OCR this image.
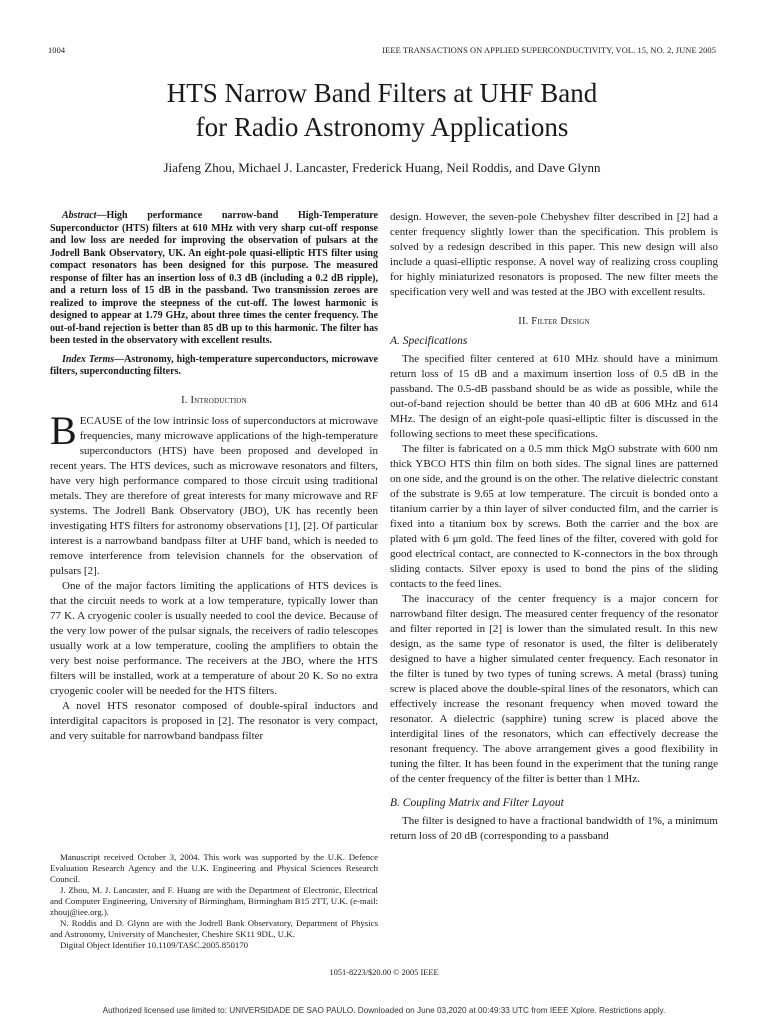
1004	IEEE TRANSACTIONS ON APPLIED SUPERCONDUCTIVITY, VOL. 15, NO. 2, JUNE 2005
HTS Narrow Band Filters at UHF Band
for Radio Astronomy Applications
Jiafeng Zhou, Michael J. Lancaster, Frederick Huang, Neil Roddis, and Dave Glynn

Abstract—High performance narrow-band High-Temperature Superconductor (HTS) filters at 610 MHz with very sharp cut-off response and low loss are needed for improving the observation of pulsars at the Jodrell Bank Observatory, UK. An eight-pole quasi-elliptic HTS filter using compact resonators has been designed for this purpose. The measured response of filter has an insertion loss of 0.3 dB (including a 0.2 dB ripple), and a return loss of 15 dB in the passband. Two transmission zeroes are realized to improve the steepness of the cut-off. The lowest harmonic is designed to appear at 1.79 GHz, about three times the center frequency. The out-of-band rejection is better than 85 dB up to this harmonic. The filter has been tested in the observatory with excellent results.

Index Terms—Astronomy, high-temperature superconductors, microwave filters, superconducting filters.

I. Introduction

BECAUSE of the low intrinsic loss of superconductors at microwave frequencies, many microwave applications of the high-temperature superconductors (HTS) have been proposed and developed in recent years. The HTS devices, such as microwave resonators and filters, have very high performance compared to those circuit using traditional metals. They are therefore of great interests for many microwave and RF systems. The Jodrell Bank Observatory (JBO), UK has recently been investigating HTS filters for astronomy observations [1], [2]. Of particular interest is a narrowband bandpass filter at UHF band, which is needed to remove interference from television channels for the observation of pulsars [2].

One of the major factors limiting the applications of HTS devices is that the circuit needs to work at a low temperature, typically lower than 77 K. A cryogenic cooler is usually needed to cool the device. Because of the very low power of the pulsar signals, the receivers of radio telescopes usually work at a low temperature, cooling the amplifiers to obtain the very best noise performance. The receivers at the JBO, where the HTS filters will be installed, work at a temperature of about 20 K. So no extra cryogenic cooler will be needed for the HTS filters.

A novel HTS resonator composed of double-spiral inductors and interdigital capacitors is proposed in [2]. The resonator is very compact, and very suitable for narrowband bandpass filter

Manuscript received October 3, 2004. This work was supported by the U.K. Defence Evaluation Research Agency and the U.K. Engineering and Physical Sciences Research Council.

J. Zhou, M. J. Lancaster, and F. Huang are with the Department of Electronic, Electrical and Computer Engineering, University of Birmingham, Birmingham B15 2TT, U.K. (e-mail: zhouj@iee.org.).

N. Roddis and D. Glynn are with the Jodrell Bank Observatory, Department of Physics and Astronomy, University of Manchester, Cheshire SK11 9DL, U.K.

Digital Object Identifier 10.1109/TASC.2005.850170

design. However, the seven-pole Chebyshev filter described in [2] had a center frequency slightly lower than the specification. This problem is solved by a redesign described in this paper. This new design will also include a quasi-elliptic response. A novel way of realizing cross coupling for highly miniaturized resonators is proposed. The new filter meets the specification very well and was tested at the JBO with excellent results.

II. Filter Design
A. Specifications

The specified filter centered at 610 MHz should have a minimum return loss of 15 dB and a maximum insertion loss of 0.5 dB in the passband. The 0.5-dB passband should be as wide as possible, while the out-of-band rejection should be better than 40 dB at 606 MHz and 614 MHz. The design of an eight-pole quasi-elliptic filter is discussed in the following sections to meet these specifications.

The filter is fabricated on a 0.5 mm thick MgO substrate with 600 nm thick YBCO HTS thin film on both sides. The signal lines are patterned on one side, and the ground is on the other. The relative dielectric constant of the substrate is 9.65 at low temperature. The circuit is bonded onto a titanium carrier by a thin layer of silver conducted film, and the carrier is fixed into a titanium box by screws. Both the carrier and the box are plated with 6 μm gold. The feed lines of the filter, covered with gold for good electrical contact, are connected to K-connectors in the box through sliding contacts. Silver epoxy is used to bond the pins of the sliding contacts to the feed lines.

The inaccuracy of the center frequency is a major concern for narrowband filter design. The measured center frequency of the resonator and filter reported in [2] is lower than the simulated result. In this new design, as the same type of resonator is used, the filter is deliberately designed to have a higher simulated center frequency. Each resonator in the filter is tuned by two types of tuning screws. A metal (brass) tuning screw is placed above the double-spiral lines of the resonators, which can effectively increase the resonant frequency when moved toward the resonator. A dielectric (sapphire) tuning screw is placed above the interdigital lines of the resonators, which can effectively decrease the resonant frequency. The above arrangement gives a good flexibility in tuning the filter. It has been found in the experiment that the tuning range of the center frequency of the filter is better than 1 MHz.

B. Coupling Matrix and Filter Layout

The filter is designed to have a fractional bandwidth of 1%, a minimum return loss of 20 dB (corresponding to a passband

1051-8223/$20.00 © 2005 IEEE
Authorized licensed use limited to: UNIVERSIDADE DE SAO PAULO. Downloaded on June 03,2020 at 00:49:33 UTC from IEEE Xplore. Restrictions apply.
